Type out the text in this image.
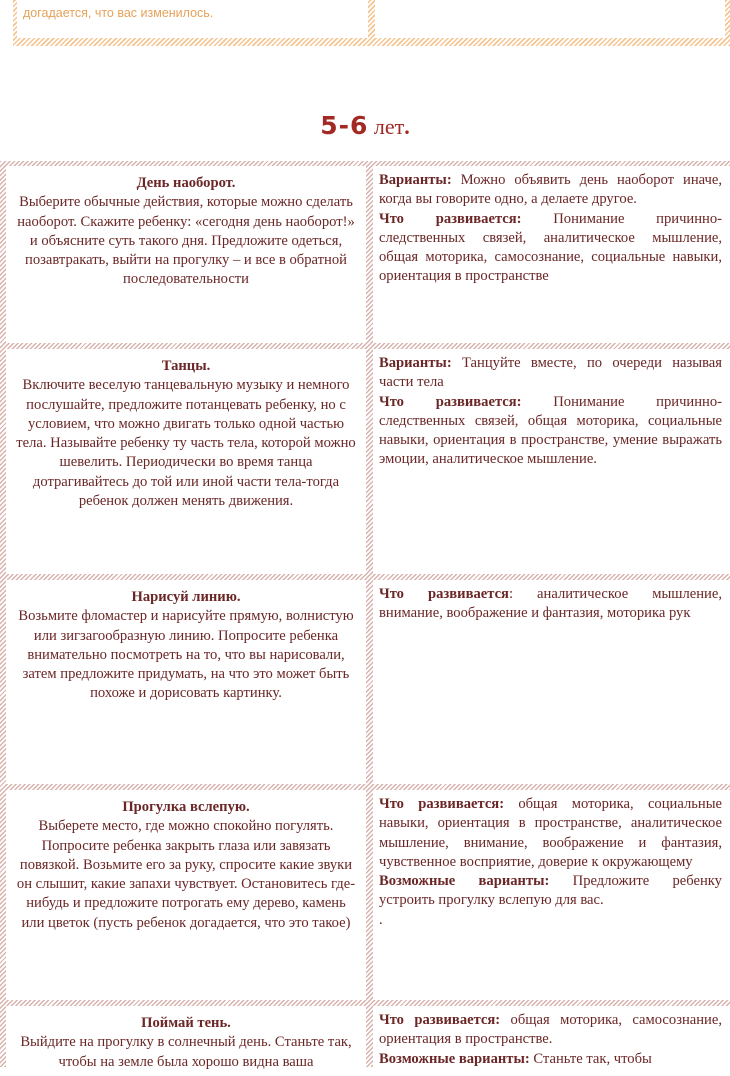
догадается, что вас изменилось.
5-6 лет.
День наоборот.
Выберите обычные действия, которые можно сделать наоборот. Скажите ребенку: «сегодня день наоборот!» и объясните суть такого дня. Предложите одеться, позавтракать, выйти на прогулку – и все в обратной последовательности
Варианты: Можно объявить день наоборот иначе, когда вы говорите одно, а делаете другое.
Что развивается: Понимание причинно-следственных связей, аналитическое мышление, общая моторика, самосознание, социальные навыки, ориентация в пространстве
Танцы.
Включите веселую танцевальную музыку и немного послушайте, предложите потанцевать ребенку, но с условием, что можно двигать только одной частью тела. Называйте ребенку ту часть тела, которой можно шевелить. Периодически во время танца дотрагивайтесь до той или иной части тела-тогда ребенок должен менять движения.
Варианты: Танцуйте вместе, по очереди называя части тела
Что развивается: Понимание причинно-следственных связей, общая моторика, социальные навыки, ориентация в пространстве, умение выражать эмоции, аналитическое мышление.
Нарисуй линию.
Возьмите фломастер и нарисуйте прямую, волнистую или зигзагообразную линию. Попросите ребенка внимательно посмотреть на то, что вы нарисовали, затем предложите придумать, на что это может быть похоже и дорисовать картинку.
Что развивается: аналитическое мышление, внимание, воображение и фантазия, моторика рук
Прогулка вслепую.
Выберете место, где можно спокойно погулять. Попросите ребенка закрыть глаза или завязать повязкой. Возьмите его за руку, спросите какие звуки он слышит, какие запахи чувствует. Остановитесь где-нибудь и предложите потрогать ему дерево, камень или цветок (пусть ребенок догадается, что это такое)
Что развивается: общая моторика, социальные навыки, ориентация в пространстве, аналитическое мышление, внимание, воображение и фантазия, чувственное восприятие, доверие к окружающему
Возможные варианты: Предложите ребенку устроить прогулку вслепую для вас.
.
Поймай тень.
Выйдите на прогулку в солнечный день. Станьте так, чтобы на земле была хорошо видна ваша
Что развивается: общая моторика, самосознание, ориентация в пространстве.
Возможные варианты: Станьте так, чтобы
